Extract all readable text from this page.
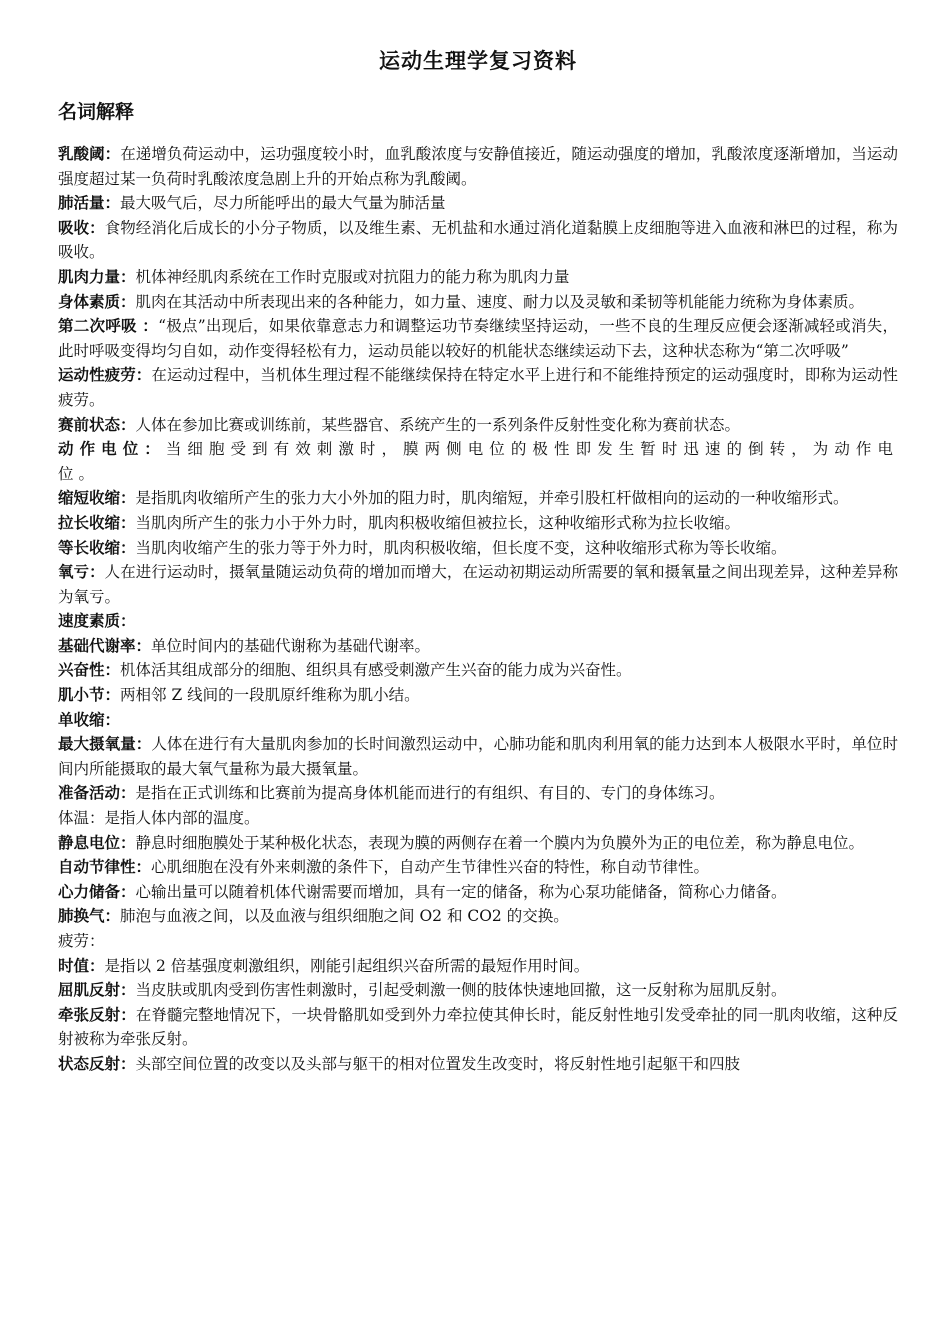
运动生理学复习资料
名词解释

乳酸阈：在递增负荷运动中，运功强度较小时，血乳酸浓度与安静值接近，随运动强度的增加，乳酸浓度逐渐增加，当运动强度超过某一负荷时乳酸浓度急剧上升的开始点称为乳酸阈。

肺活量：最大吸气后，尽力所能呼出的最大气量为肺活量

吸收：食物经消化后成长的小分子物质，以及维生素、无机盐和水通过消化道黏膜上皮细胞等进入血液和淋巴的过程，称为吸收。

肌肉力量：机体神经肌肉系统在工作时克服或对抗阻力的能力称为肌肉力量

身体素质：肌肉在其活动中所表现出来的各种能力，如力量、速度、耐力以及灵敏和柔韧等机能能力统称为身体素质。

第二次呼吸 ：“极点”出现后，如果依靠意志力和调整运功节奏继续坚持运动，一些不良的生理反应便会逐渐减轻或消失，此时呼吸变得均匀自如，动作变得轻松有力，运动员能以较好的机能状态继续运动下去，这种状态称为“第二次呼吸”

运动性疲劳：在运动过程中，当机体生理过程不能继续保持在特定水平上进行和不能维持预定的运动强度时，即称为运动性疲劳。

赛前状态：人体在参加比赛或训练前，某些器官、系统产生的一系列条件反射性变化称为赛前状态。

动作电位：当细胞受到有效刺激时，膜两侧电位的极性即发生暂时迅速的倒转，为动作电位。

缩短收缩：是指肌肉收缩所产生的张力大小外加的阻力时，肌肉缩短，并牵引股杠杆做相向的运动的一种收缩形式。

拉长收缩：当肌肉所产生的张力小于外力时，肌肉积极收缩但被拉长，这种收缩形式称为拉长收缩。

等长收缩：当肌肉收缩产生的张力等于外力时，肌肉积极收缩，但长度不变，这种收缩形式称为等长收缩。

氧亏：人在进行运动时，摄氧量随运动负荷的增加而增大，在运动初期运动所需要的氧和摄氧量之间出现差异，这种差异称为氧亏。

速度素质：

基础代谢率：单位时间内的基础代谢称为基础代谢率。

兴奋性：机体活其组成部分的细胞、组织具有感受刺激产生兴奋的能力成为兴奋性。

肌小节：两相邻 Z 线间的一段肌原纤维称为肌小结。

单收缩：

最大摄氧量：人体在进行有大量肌肉参加的长时间激烈运动中，心肺功能和肌肉利用氧的能力达到本人极限水平时，单位时间内所能摄取的最大氧气量称为最大摄氧量。

准备活动：是指在正式训练和比赛前为提高身体机能而进行的有组织、有目的、专门的身体练习。

体温：是指人体内部的温度。

静息电位：静息时细胞膜处于某种极化状态，表现为膜的两侧存在着一个膜内为负膜外为正的电位差，称为静息电位。

自动节律性：心肌细胞在没有外来刺激的条件下，自动产生节律性兴奋的特性，称自动节律性。

心力储备：心输出量可以随着机体代谢需要而增加，具有一定的储备，称为心泵功能储备，简称心力储备。

肺换气：肺泡与血液之间，以及血液与组织细胞之间 O2 和 CO2 的交换。

疲劳：

时值：是指以 2 倍基强度刺激组织，刚能引起组织兴奋所需的最短作用时间。

屈肌反射：当皮肤或肌肉受到伤害性刺激时，引起受刺激一侧的肢体快速地回撤，这一反射称为屈肌反射。

牵张反射：在脊髓完整地情况下，一块骨骼肌如受到外力牵拉使其伸长时，能反射性地引发受牵扯的同一肌肉收缩，这种反射被称为牵张反射。

状态反射：头部空间位置的改变以及头部与躯干的相对位置发生改变时，将反射性地引起躯干和四肢
